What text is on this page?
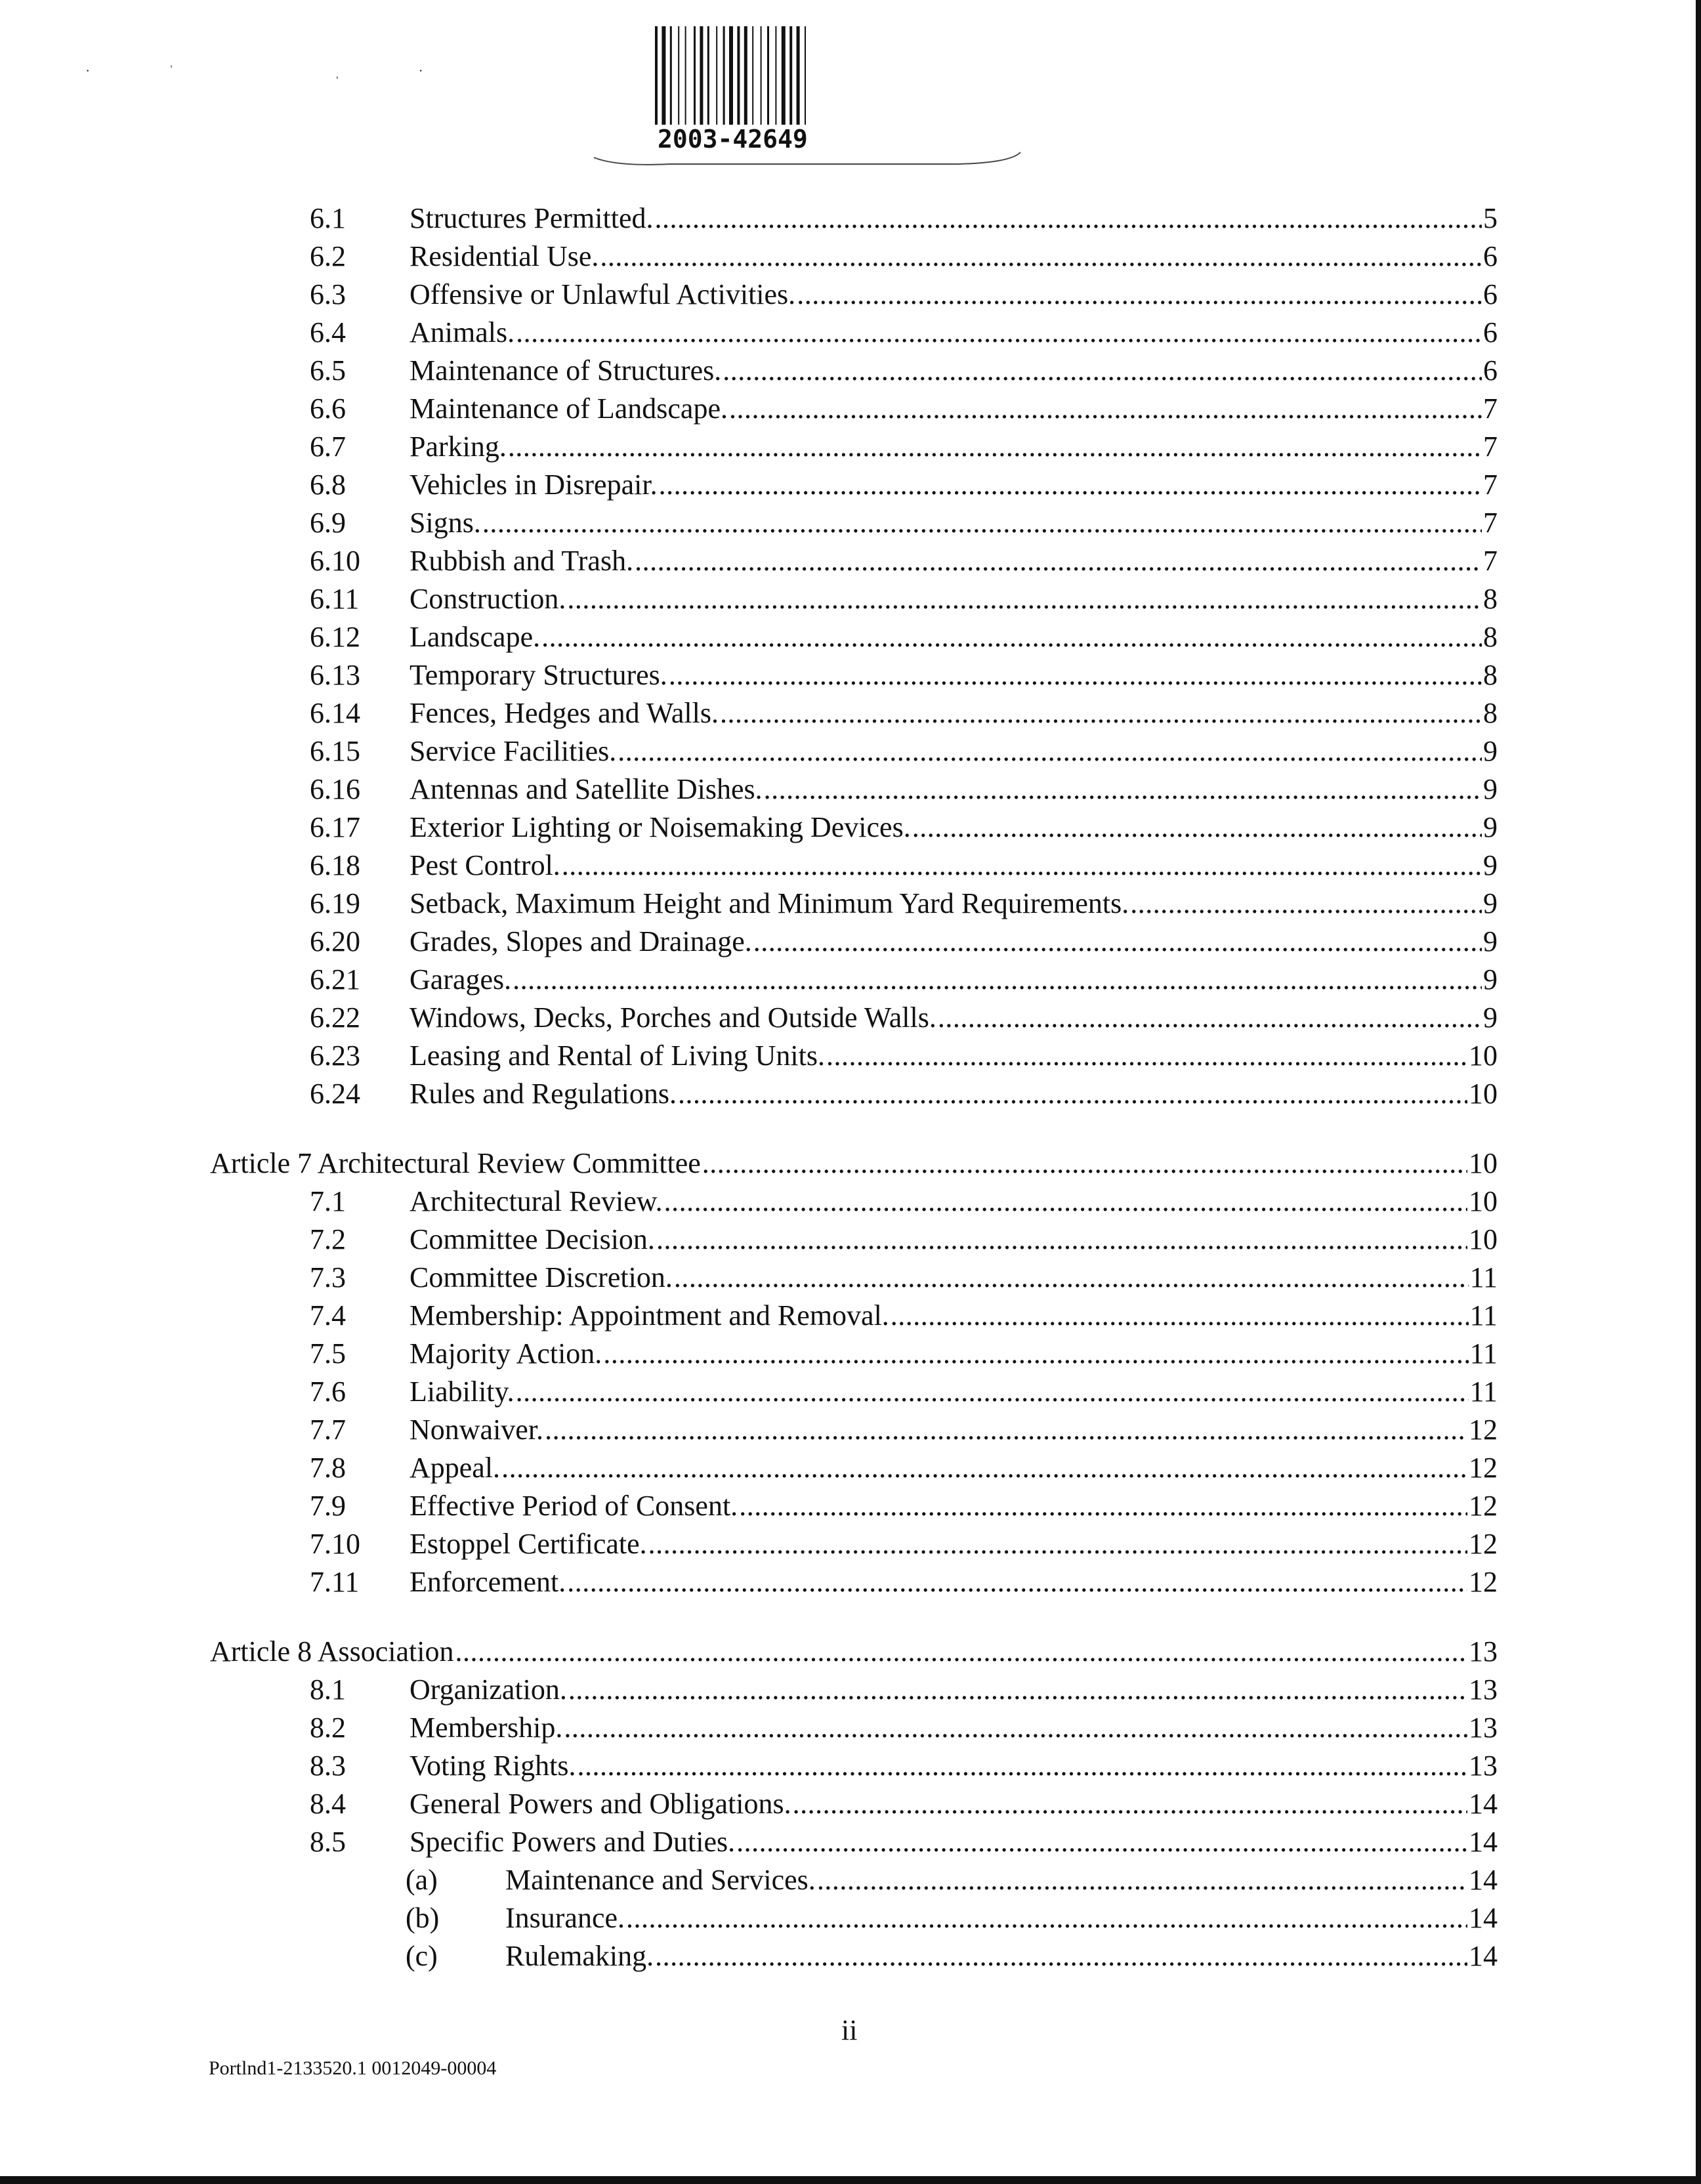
·ˈ ˌ·
2003-42649
6.1	Structures Permitted. .....	5
6.2	Residential Use. .....	6
6.3	Offensive or Unlawful Activities. .....	6
6.4	Animals. .....	6
6.5	Maintenance of Structures. .....	6
6.6	Maintenance of Landscape. .....	7
6.7	Parking. .....	7
6.8	Vehicles in Disrepair. .....	7
6.9	Signs. .....	7
6.10	Rubbish and Trash. .....	7
6.11	Construction. .....	8
6.12	Landscape. .....	8
6.13	Temporary Structures. .....	8
6.14	Fences, Hedges and Walls. .....	8
6.15	Service Facilities. .....	9
6.16	Antennas and Satellite Dishes. .....	9
6.17	Exterior Lighting or Noisemaking Devices. .....	9
6.18	Pest Control. .....	9
6.19	Setback, Maximum Height and Minimum Yard Requirements. .....	9
6.20	Grades, Slopes and Drainage. .....	9
6.21	Garages. .....	9
6.22	Windows, Decks, Porches and Outside Walls. .....	9
6.23	Leasing and Rental of Living Units. .....	10
6.24	Rules and Regulations. .....	10
Article 7 Architectural Review Committee .....	10
7.1	Architectural Review. .....	10
7.2	Committee Decision. .....	10
7.3	Committee Discretion. .....	11
7.4	Membership: Appointment and Removal. .....	11
7.5	Majority Action. .....	11
7.6	Liability. .....	11
7.7	Nonwaiver. .....	12
7.8	Appeal. .....	12
7.9	Effective Period of Consent. .....	12
7.10	Estoppel Certificate. .....	12
7.11	Enforcement. .....	12
Article 8 Association .....	13
8.1	Organization. .....	13
8.2	Membership. .....	13
8.3	Voting Rights. .....	13
8.4	General Powers and Obligations. .....	14
8.5	Specific Powers and Duties. .....	14
(a)	Maintenance and Services. .....	14
(b)	Insurance. .....	14
(c)	Rulemaking. .....	14
ii
Portlnd1-2133520.1 0012049-00004
